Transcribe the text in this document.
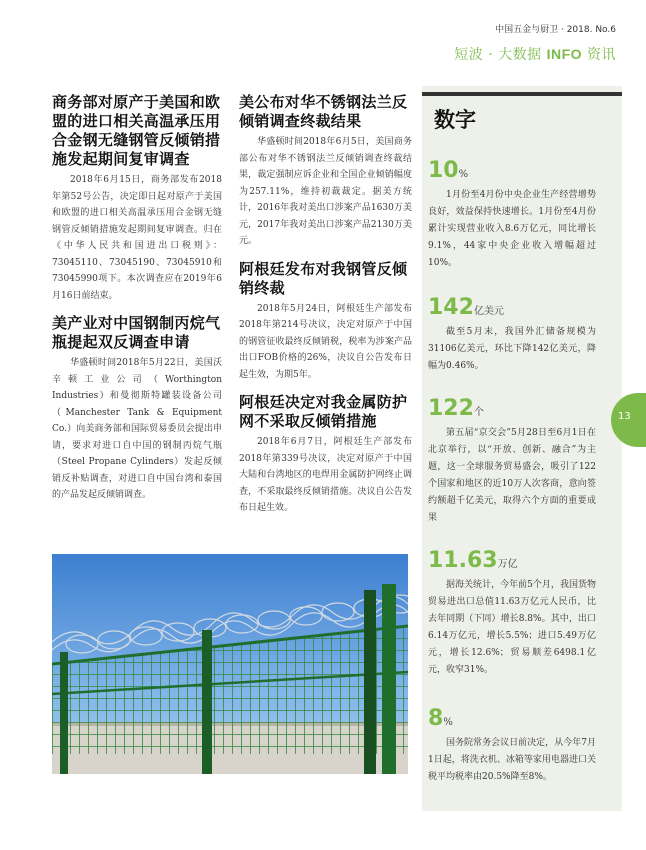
中国五金与厨卫 · 2018. No.6
短波 · 大数据 INFO 资讯
商务部对原产于美国和欧盟的进口相关高温承压用合金钢无缝钢管反倾销措施发起期间复审调查
2018年6月15日，商务部发布2018年第52号公告，决定即日起对原产于美国和欧盟的进口相关高温承压用合金钢无缝钢管反倾销措施发起期间复审调查。归在《中华人民共和国进出口税则》：73045110、73045190、73045910和73045990项下。本次调查应在2019年6月16日前结束。
美产业对中国钢制丙烷气瓶提起双反调查申请
华盛顿时间2018年5月22日，美国沃辛顿工业公司（Worthington Industries）和曼彻斯特罐装设备公司（Manchester Tank & Equipment Co.）向美商务部和国际贸易委员会提出申请，要求对进口自中国的钢制丙烷气瓶（Steel Propane Cylinders）发起反倾销反补贴调查，对进口自中国台湾和泰国的产品发起反倾销调查。
美公布对华不锈钢法兰反倾销调查终裁结果
华盛顿时间2018年6月5日，美国商务部公布对华不锈钢法兰反倾销调查终裁结果，裁定强制应诉企业和全国企业倾销幅度为257.11%，维持初裁裁定。据美方统计，2016年我对美出口涉案产品1630万美元，2017年我对美出口涉案产品2130万美元。
阿根廷发布对我钢管反倾销终裁
2018年5月24日，阿根廷生产部发布2018年第214号决议，决定对原产于中国的钢管征收最终反倾销税，税率为涉案产品出口FOB价格的26%，决议自公告发布日起生效，为期5年。
阿根廷决定对我金属防护网不采取反倾销措施
2018年6月7日，阿根廷生产部发布2018年第339号决议，决定对原产于中国大陆和台湾地区的电焊用金属防护网终止调查，不采取最终反倾销措施。决议自公告发布日起生效。
数字
10%
1月份至4月份中央企业生产经营增势良好，效益保持快速增长。1月份至4月份累计实现营业收入8.6万亿元，同比增长9.1%，44家中央企业收入增幅超过10%。
142亿美元
截至5月末，我国外汇储备规模为31106亿美元，环比下降142亿美元，降幅为0.46%。
122个
第五届“京交会”5月28日至6月1日在北京举行，以“开放、创新、融合”为主题，这一全球服务贸易盛会，吸引了122个国家和地区的近10万人次客商，意向签约额超千亿美元，取得六个方面的重要成果
11.63万亿
据海关统计，今年前5个月，我国货物贸易进出口总值11.63万亿元人民币，比去年同期（下同）增长8.8%。其中，出口6.14万亿元，增长5.5%；进口5.49万亿元，增长12.6%；贸易顺差6498.1亿元，收窄31%。
8%
国务院常务会议日前决定，从今年7月1日起，将洗衣机、冰箱等家用电器进口关税平均税率由20.5%降至8%。
13
